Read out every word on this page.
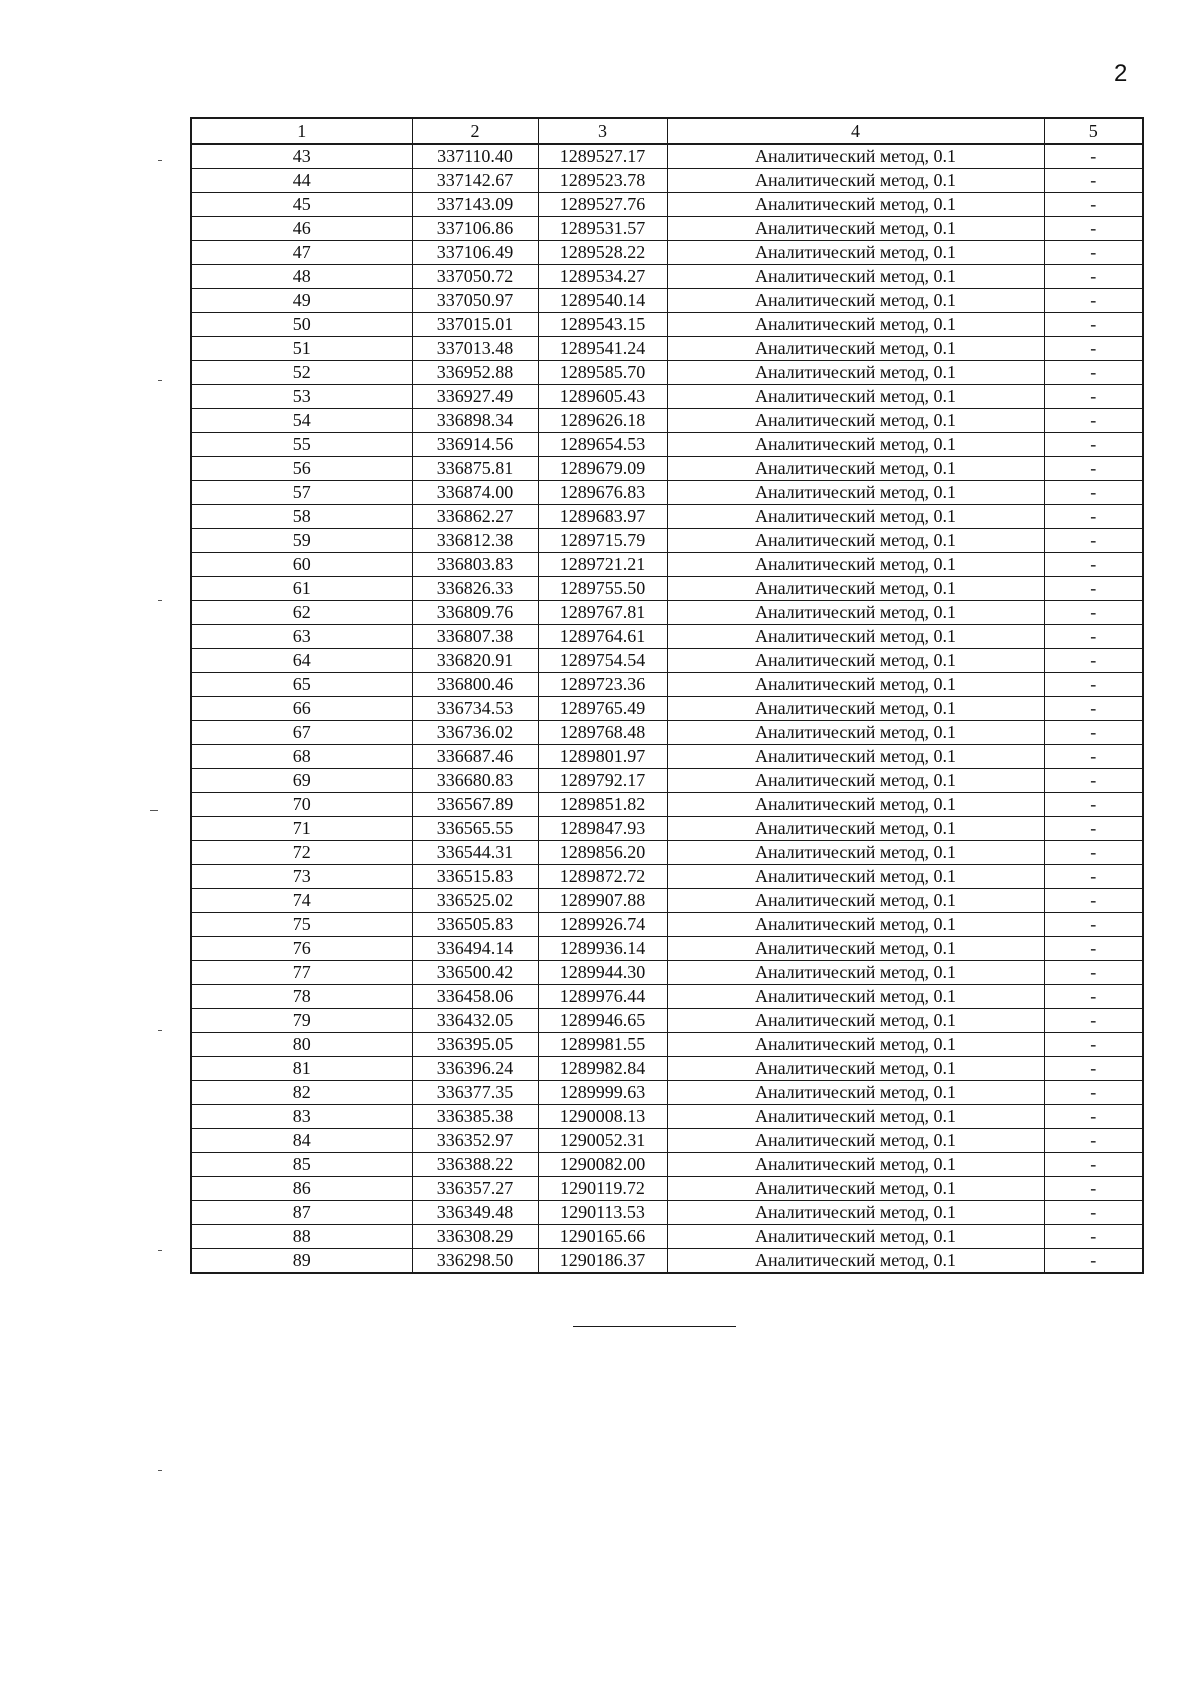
2
1	2	3	4	5
43	337110.40	1289527.17	Аналитический метод, 0.1	-
44	337142.67	1289523.78	Аналитический метод, 0.1	-
45	337143.09	1289527.76	Аналитический метод, 0.1	-
46	337106.86	1289531.57	Аналитический метод, 0.1	-
47	337106.49	1289528.22	Аналитический метод, 0.1	-
48	337050.72	1289534.27	Аналитический метод, 0.1	-
49	337050.97	1289540.14	Аналитический метод, 0.1	-
50	337015.01	1289543.15	Аналитический метод, 0.1	-
51	337013.48	1289541.24	Аналитический метод, 0.1	-
52	336952.88	1289585.70	Аналитический метод, 0.1	-
53	336927.49	1289605.43	Аналитический метод, 0.1	-
54	336898.34	1289626.18	Аналитический метод, 0.1	-
55	336914.56	1289654.53	Аналитический метод, 0.1	-
56	336875.81	1289679.09	Аналитический метод, 0.1	-
57	336874.00	1289676.83	Аналитический метод, 0.1	-
58	336862.27	1289683.97	Аналитический метод, 0.1	-
59	336812.38	1289715.79	Аналитический метод, 0.1	-
60	336803.83	1289721.21	Аналитический метод, 0.1	-
61	336826.33	1289755.50	Аналитический метод, 0.1	-
62	336809.76	1289767.81	Аналитический метод, 0.1	-
63	336807.38	1289764.61	Аналитический метод, 0.1	-
64	336820.91	1289754.54	Аналитический метод, 0.1	-
65	336800.46	1289723.36	Аналитический метод, 0.1	-
66	336734.53	1289765.49	Аналитический метод, 0.1	-
67	336736.02	1289768.48	Аналитический метод, 0.1	-
68	336687.46	1289801.97	Аналитический метод, 0.1	-
69	336680.83	1289792.17	Аналитический метод, 0.1	-
70	336567.89	1289851.82	Аналитический метод, 0.1	-
71	336565.55	1289847.93	Аналитический метод, 0.1	-
72	336544.31	1289856.20	Аналитический метод, 0.1	-
73	336515.83	1289872.72	Аналитический метод, 0.1	-
74	336525.02	1289907.88	Аналитический метод, 0.1	-
75	336505.83	1289926.74	Аналитический метод, 0.1	-
76	336494.14	1289936.14	Аналитический метод, 0.1	-
77	336500.42	1289944.30	Аналитический метод, 0.1	-
78	336458.06	1289976.44	Аналитический метод, 0.1	-
79	336432.05	1289946.65	Аналитический метод, 0.1	-
80	336395.05	1289981.55	Аналитический метод, 0.1	-
81	336396.24	1289982.84	Аналитический метод, 0.1	-
82	336377.35	1289999.63	Аналитический метод, 0.1	-
83	336385.38	1290008.13	Аналитический метод, 0.1	-
84	336352.97	1290052.31	Аналитический метод, 0.1	-
85	336388.22	1290082.00	Аналитический метод, 0.1	-
86	336357.27	1290119.72	Аналитический метод, 0.1	-
87	336349.48	1290113.53	Аналитический метод, 0.1	-
88	336308.29	1290165.66	Аналитический метод, 0.1	-
89	336298.50	1290186.37	Аналитический метод, 0.1	-
